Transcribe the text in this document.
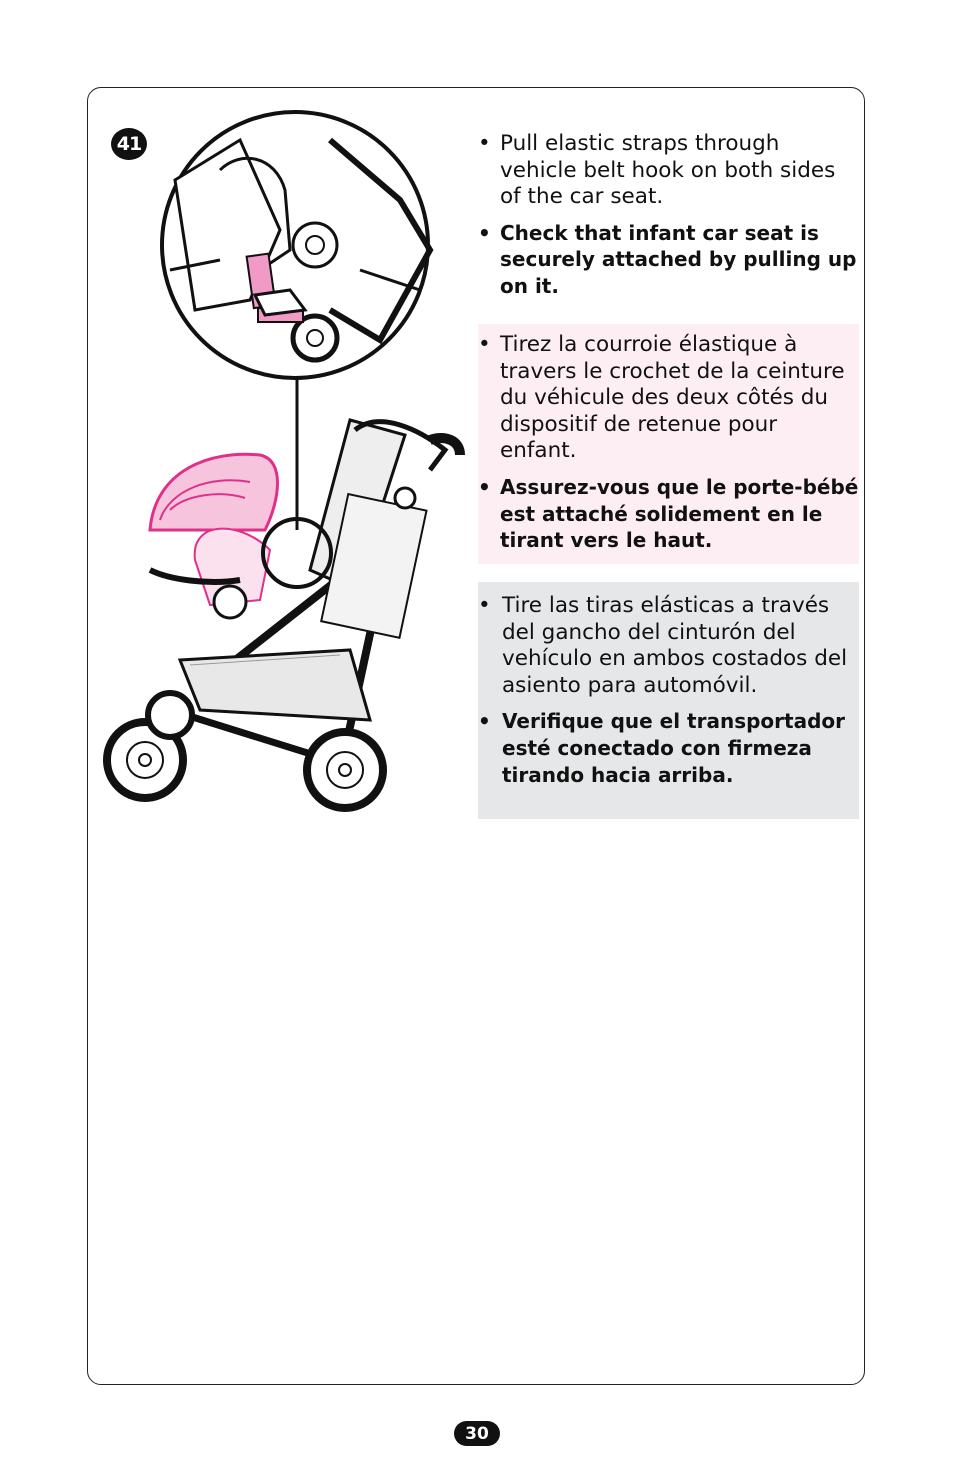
41
•	Pull elastic straps through vehicle belt hook on both sides of the car seat.
• Check that infant car seat is securely attached by pulling up on it.
• Tirez la courroie élastique à travers le crochet de la ceinture du véhicule des deux côtés du dispositif de retenue pour enfant.
• Assurez-vous que le porte-bébé est attaché solidement en le tirant vers le haut.
• Tire las tiras elásticas a través del gancho del cinturón del vehículo en ambos costados del asiento para automóvil.
• Verifique que el transportador esté conectado con firmeza tirando hacia arriba.
30
